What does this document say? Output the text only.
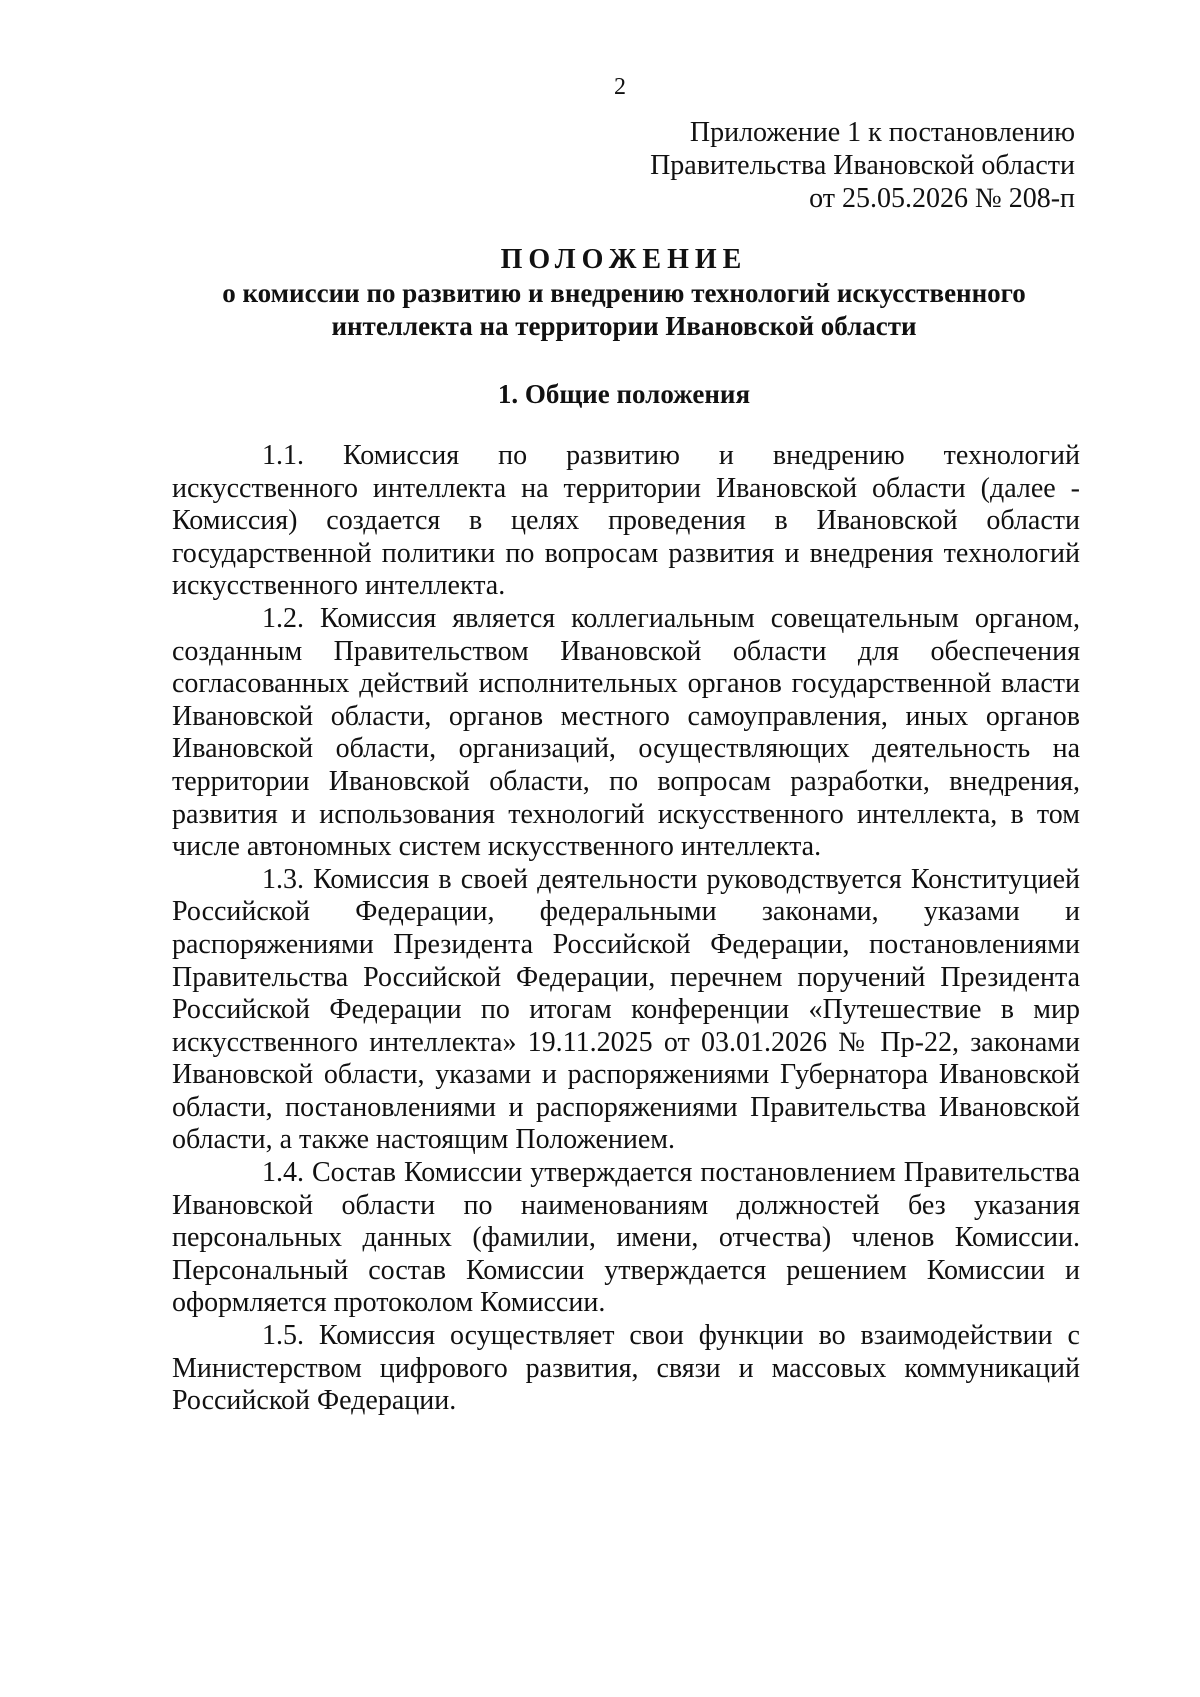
2
Приложение 1 к постановлению
Правительства Ивановской области
от 25.05.2026 № 208-п
ПОЛОЖЕНИЕ
о комиссии по развитию и внедрению технологий искусственного
интеллекта на территории Ивановской области
1. Общие положения

1.1. Комиссия по развитию и внедрению технологий искусственного интеллекта на территории Ивановской области (далее - Комиссия) создается в целях проведения в Ивановской области государственной политики по вопросам развития и внедрения технологий искусственного интеллекта.

1.2. Комиссия является коллегиальным совещательным органом, созданным Правительством Ивановской области для обеспечения согласованных действий исполнительных органов государственной власти Ивановской области, органов местного самоуправления, иных органов Ивановской области, организаций, осуществляющих деятельность на территории Ивановской области, по вопросам разработки, внедрения, развития и использования технологий искусственного интеллекта, в том числе автономных систем искусственного интеллекта.

1.3. Комиссия в своей деятельности руководствуется Конституцией Российской Федерации, федеральными законами, указами и распоряжениями Президента Российской Федерации, постановлениями Правительства Российской Федерации, перечнем поручений Президента Российской Федерации по итогам конференции «Путешествие в мир искусственного интеллекта» 19.11.2025 от 03.01.2026 № Пр-22, законами Ивановской области, указами и распоряжениями Губернатора Ивановской области, постановлениями и распоряжениями Правительства Ивановской области, а также настоящим Положением.

1.4. Состав Комиссии утверждается постановлением Правительства Ивановской области по наименованиям должностей без указания персональных данных (фамилии, имени, отчества) членов Комиссии. Персональный состав Комиссии утверждается решением Комиссии и оформляется протоколом Комиссии.

1.5. Комиссия осуществляет свои функции во взаимодействии с Министерством цифрового развития, связи и массовых коммуникаций Российской Федерации.
